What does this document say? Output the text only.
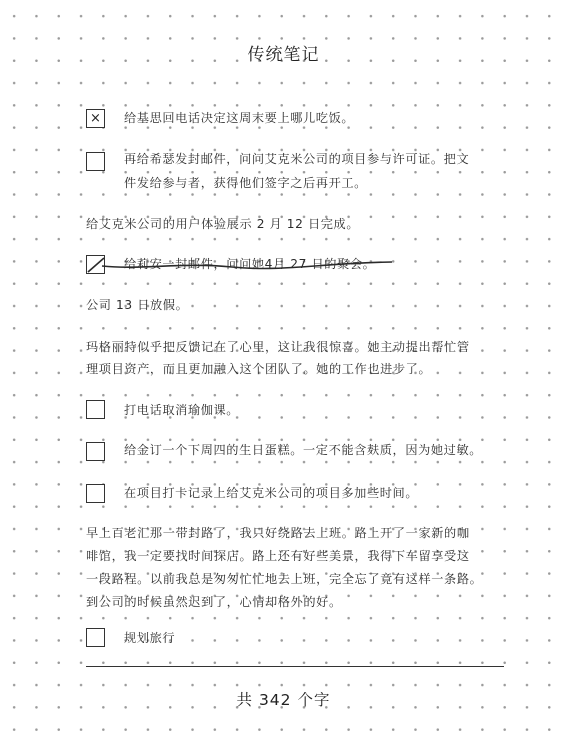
传统笔记
× 给基思回电话决定这周末要上哪儿吃饭。
再给希瑟发封邮件，问问艾克米公司的项目参与许可证。把文
件发给参与者，获得他们签字之后再开工。
给艾克米公司的用户体验展示 2 月 12 日完成。
给莉安一封邮件，问问她4月 27 日的聚会。
公司 13 日放假。
玛格丽特似乎把反馈记在了心里，这让我很惊喜。她主动提出帮忙管
理项目资产，而且更加融入这个团队了。她的工作也进步了。
打电话取消瑜伽课。
给金订一个下周四的生日蛋糕。一定不能含麸质，因为她过敏。
在项目打卡记录上给艾克米公司的项目多加些时间。
早上百老汇那一带封路了，我只好绕路去上班。路上开了一家新的咖
啡馆，我一定要找时间探店。路上还有好些美景，我得下车留享受这
一段路程。以前我总是匆匆忙忙地去上班，完全忘了竟有这样一条路。
到公司的时候虽然迟到了，心情却格外的好。
规划旅行
共 342 个字
